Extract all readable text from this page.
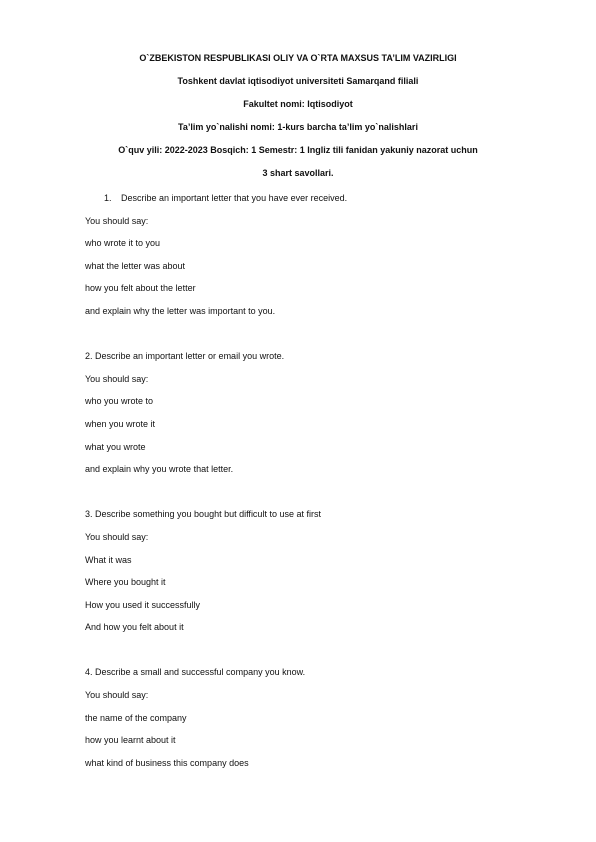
O`ZBEKISTON RESPUBLIKASI OLIY VA O`RTA MAXSUS TA’LIM VAZIRLIGI
Toshkent davlat iqtisodiyot universiteti Samarqand filiali
Fakultet nomi: Iqtisodiyot
Ta’lim yo`nalishi nomi: 1-kurs barcha ta’lim yo`nalishlari
O`quv yili: 2022-2023 Bosqich: 1 Semestr: 1 Ingliz tili fanidan yakuniy nazorat uchun
3 shart savollari.
1. Describe an important letter that you have ever received.
You should say:
who wrote it to you
what the letter was about
how you felt about the letter
and explain why the letter was important to you.
2. Describe an important letter or email you wrote.
You should say:
who you wrote to
when you wrote it
what you wrote
and explain why you wrote that letter.
3. Describe something you bought but difficult to use at first
You should say:
What it was
Where you bought it
How you used it successfully
And how you felt about it
4. Describe a small and successful company you know.
You should say:
the name of the company
how you learnt about it
what kind of business this company does
